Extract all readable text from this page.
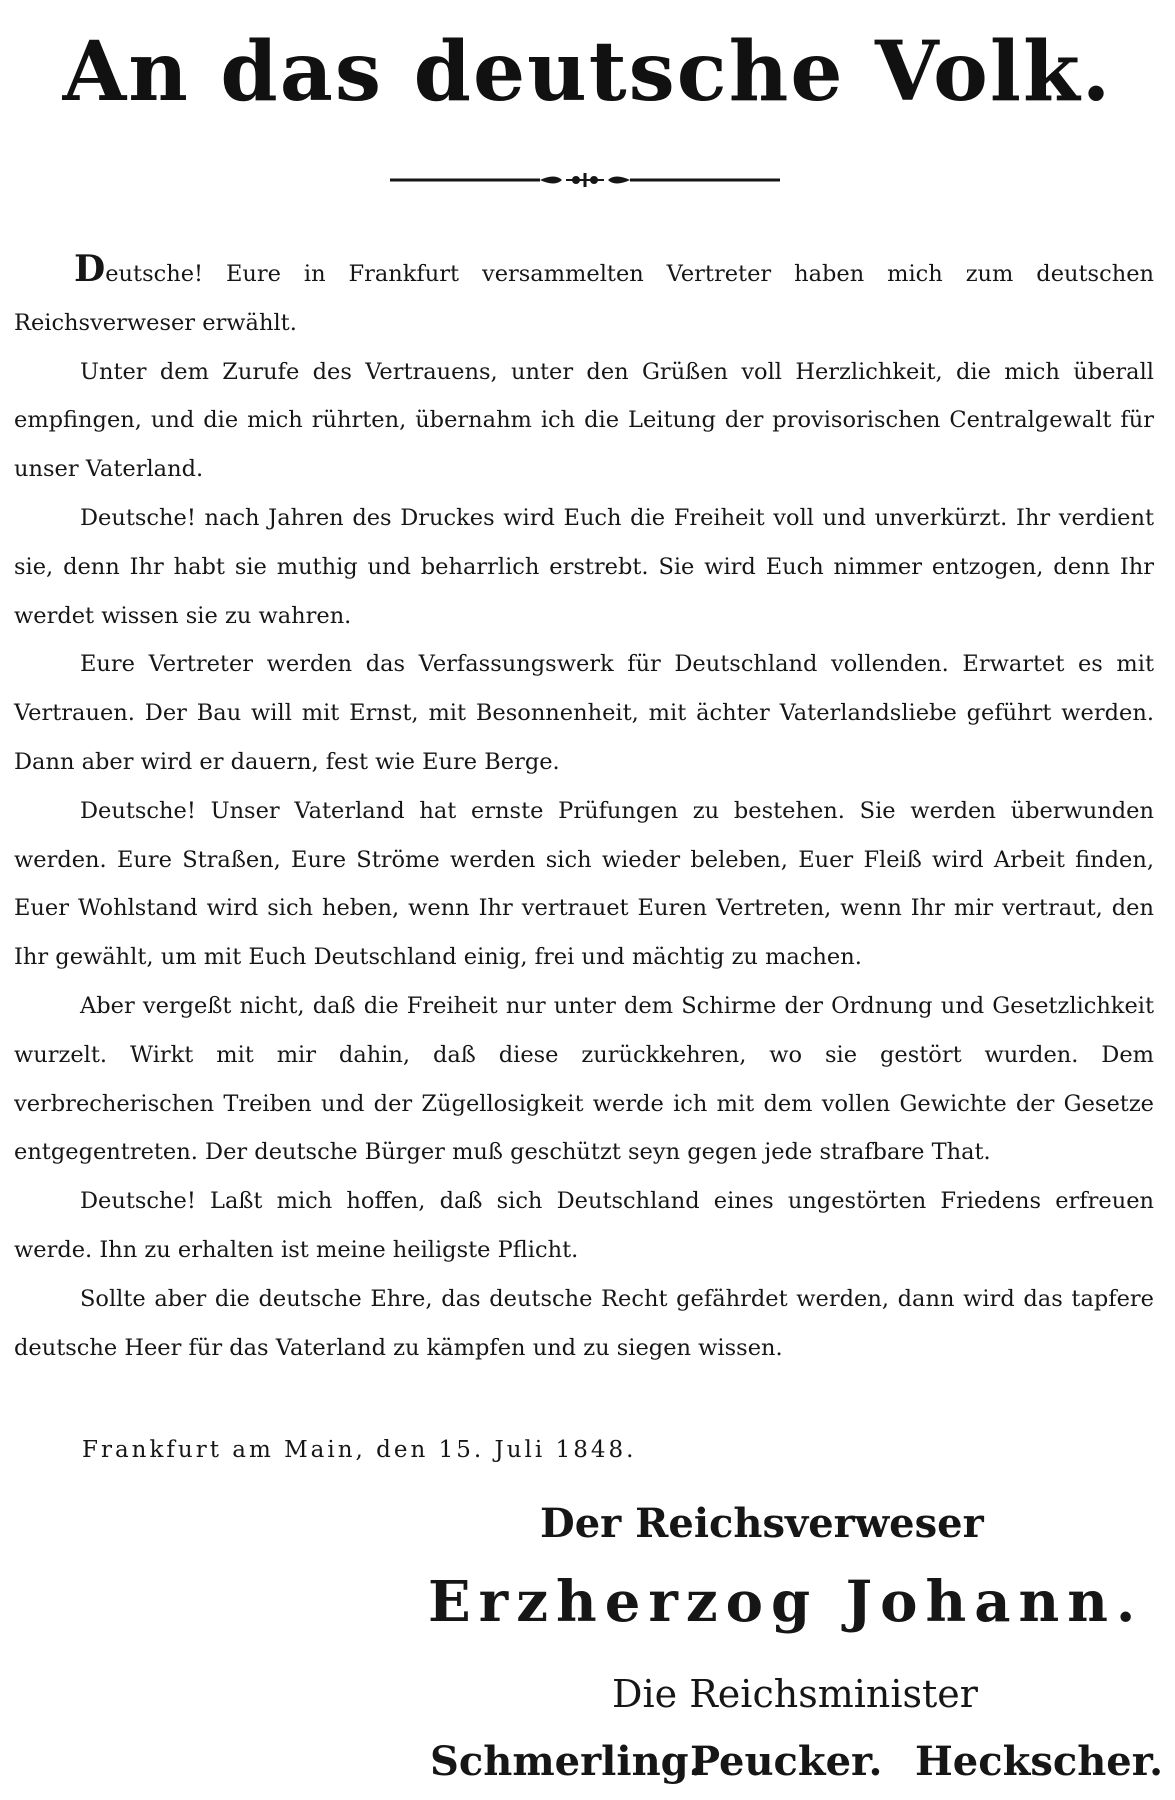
An das deutsche Volk.

Deutsche! Eure in Frankfurt versammelten Vertreter haben mich zum deutschen Reichsverweser erwählt.

Unter dem Zurufe des Vertrauens, unter den Grüßen voll Herzlichkeit, die mich überall empfingen, und die mich rührten, übernahm ich die Leitung der provisorischen Centralgewalt für unser Vaterland.

Deutsche! nach Jahren des Druckes wird Euch die Freiheit voll und unverkürzt. Ihr verdient sie, denn Ihr habt sie muthig und beharrlich erstrebt. Sie wird Euch nimmer entzogen, denn Ihr werdet wissen sie zu wahren.

Eure Vertreter werden das Verfassungswerk für Deutschland vollenden. Erwartet es mit Vertrauen. Der Bau will mit Ernst, mit Besonnenheit, mit ächter Vaterlandsliebe geführt werden. Dann aber wird er dauern, fest wie Eure Berge.

Deutsche! Unser Vaterland hat ernste Prüfungen zu bestehen. Sie werden überwunden werden. Eure Straßen, Eure Ströme werden sich wieder beleben, Euer Fleiß wird Arbeit finden, Euer Wohlstand wird sich heben, wenn Ihr vertrauet Euren Vertreten, wenn Ihr mir vertraut, den Ihr gewählt, um mit Euch Deutschland einig, frei und mächtig zu machen.

Aber vergeßt nicht, daß die Freiheit nur unter dem Schirme der Ordnung und Gesetzlichkeit wurzelt. Wirkt mit mir dahin, daß diese zurückkehren, wo sie gestört wurden. Dem verbrecherischen Treiben und der Zügellosigkeit werde ich mit dem vollen Gewichte der Gesetze entgegentreten. Der deutsche Bürger muß geschützt seyn gegen jede strafbare That.

Deutsche! Laßt mich hoffen, daß sich Deutschland eines ungestörten Friedens erfreuen werde. Ihn zu erhalten ist meine heiligste Pflicht.

Sollte aber die deutsche Ehre, das deutsche Recht gefährdet werden, dann wird das tapfere deutsche Heer für das Vaterland zu kämpfen und zu siegen wissen.

Frankfurt am Main, den 15. Juli 1848.
Der Reichsverweser
Erzherzog Johann.
Die Reichsminister
Schmerling.
Peucker. Heckscher.
